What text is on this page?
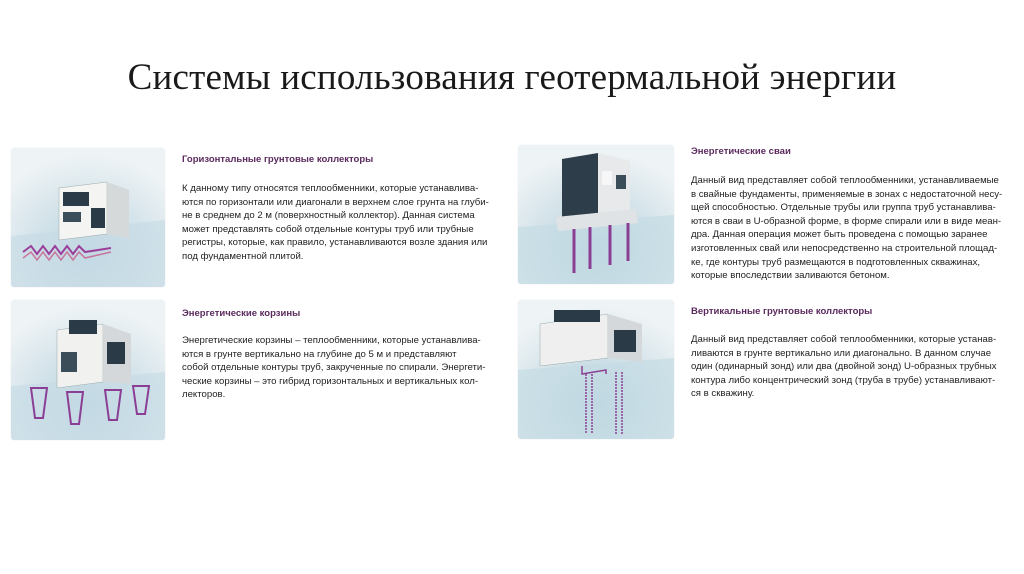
Системы использования геотермальной энергии
Горизонтальные грунтовые коллекторы
К данному типу относятся теплообменники, которые устанавлива-
ются по горизонтали или диагонали в верхнем слое грунта на глуби-
не в среднем до 2 м (поверхностный коллектор). Данная система
может представлять собой отдельные контуры труб или трубные
регистры, которые, как правило, устанавливаются возле здания или
под фундаментной плитой.
Энергетические сваи
Данный вид представляет собой теплообменники, устанавливаемые
в свайные фундаменты, применяемые в зонах с недостаточной несу-
щей способностью. Отдельные трубы или группа труб устанавлива-
ются в сваи в U-образной форме, в форме спирали или в виде меан-
дра. Данная операция может быть проведена с помощью заранее
изготовленных свай или непосредственно на строительной площад-
ке, где контуры труб размещаются в подготовленных скважинах,
которые впоследствии заливаются бетоном.
Энергетические корзины
Энергетические корзины – теплообменники, которые устанавлива-
ются в грунте вертикально на глубине до 5 м и представляют
собой отдельные контуры труб, закрученные по спирали. Энергети-
ческие корзины – это гибрид горизонтальных и вертикальных кол-
лекторов.
Вертикальные грунтовые коллекторы
Данный вид представляет собой теплообменники, которые устанав-
ливаются в грунте вертикально или диагонально. В данном случае
один (одинарный зонд) или два (двойной зонд) U-образных трубных
контура либо концентрический зонд (труба в трубе) устанавливают-
ся в скважину.
